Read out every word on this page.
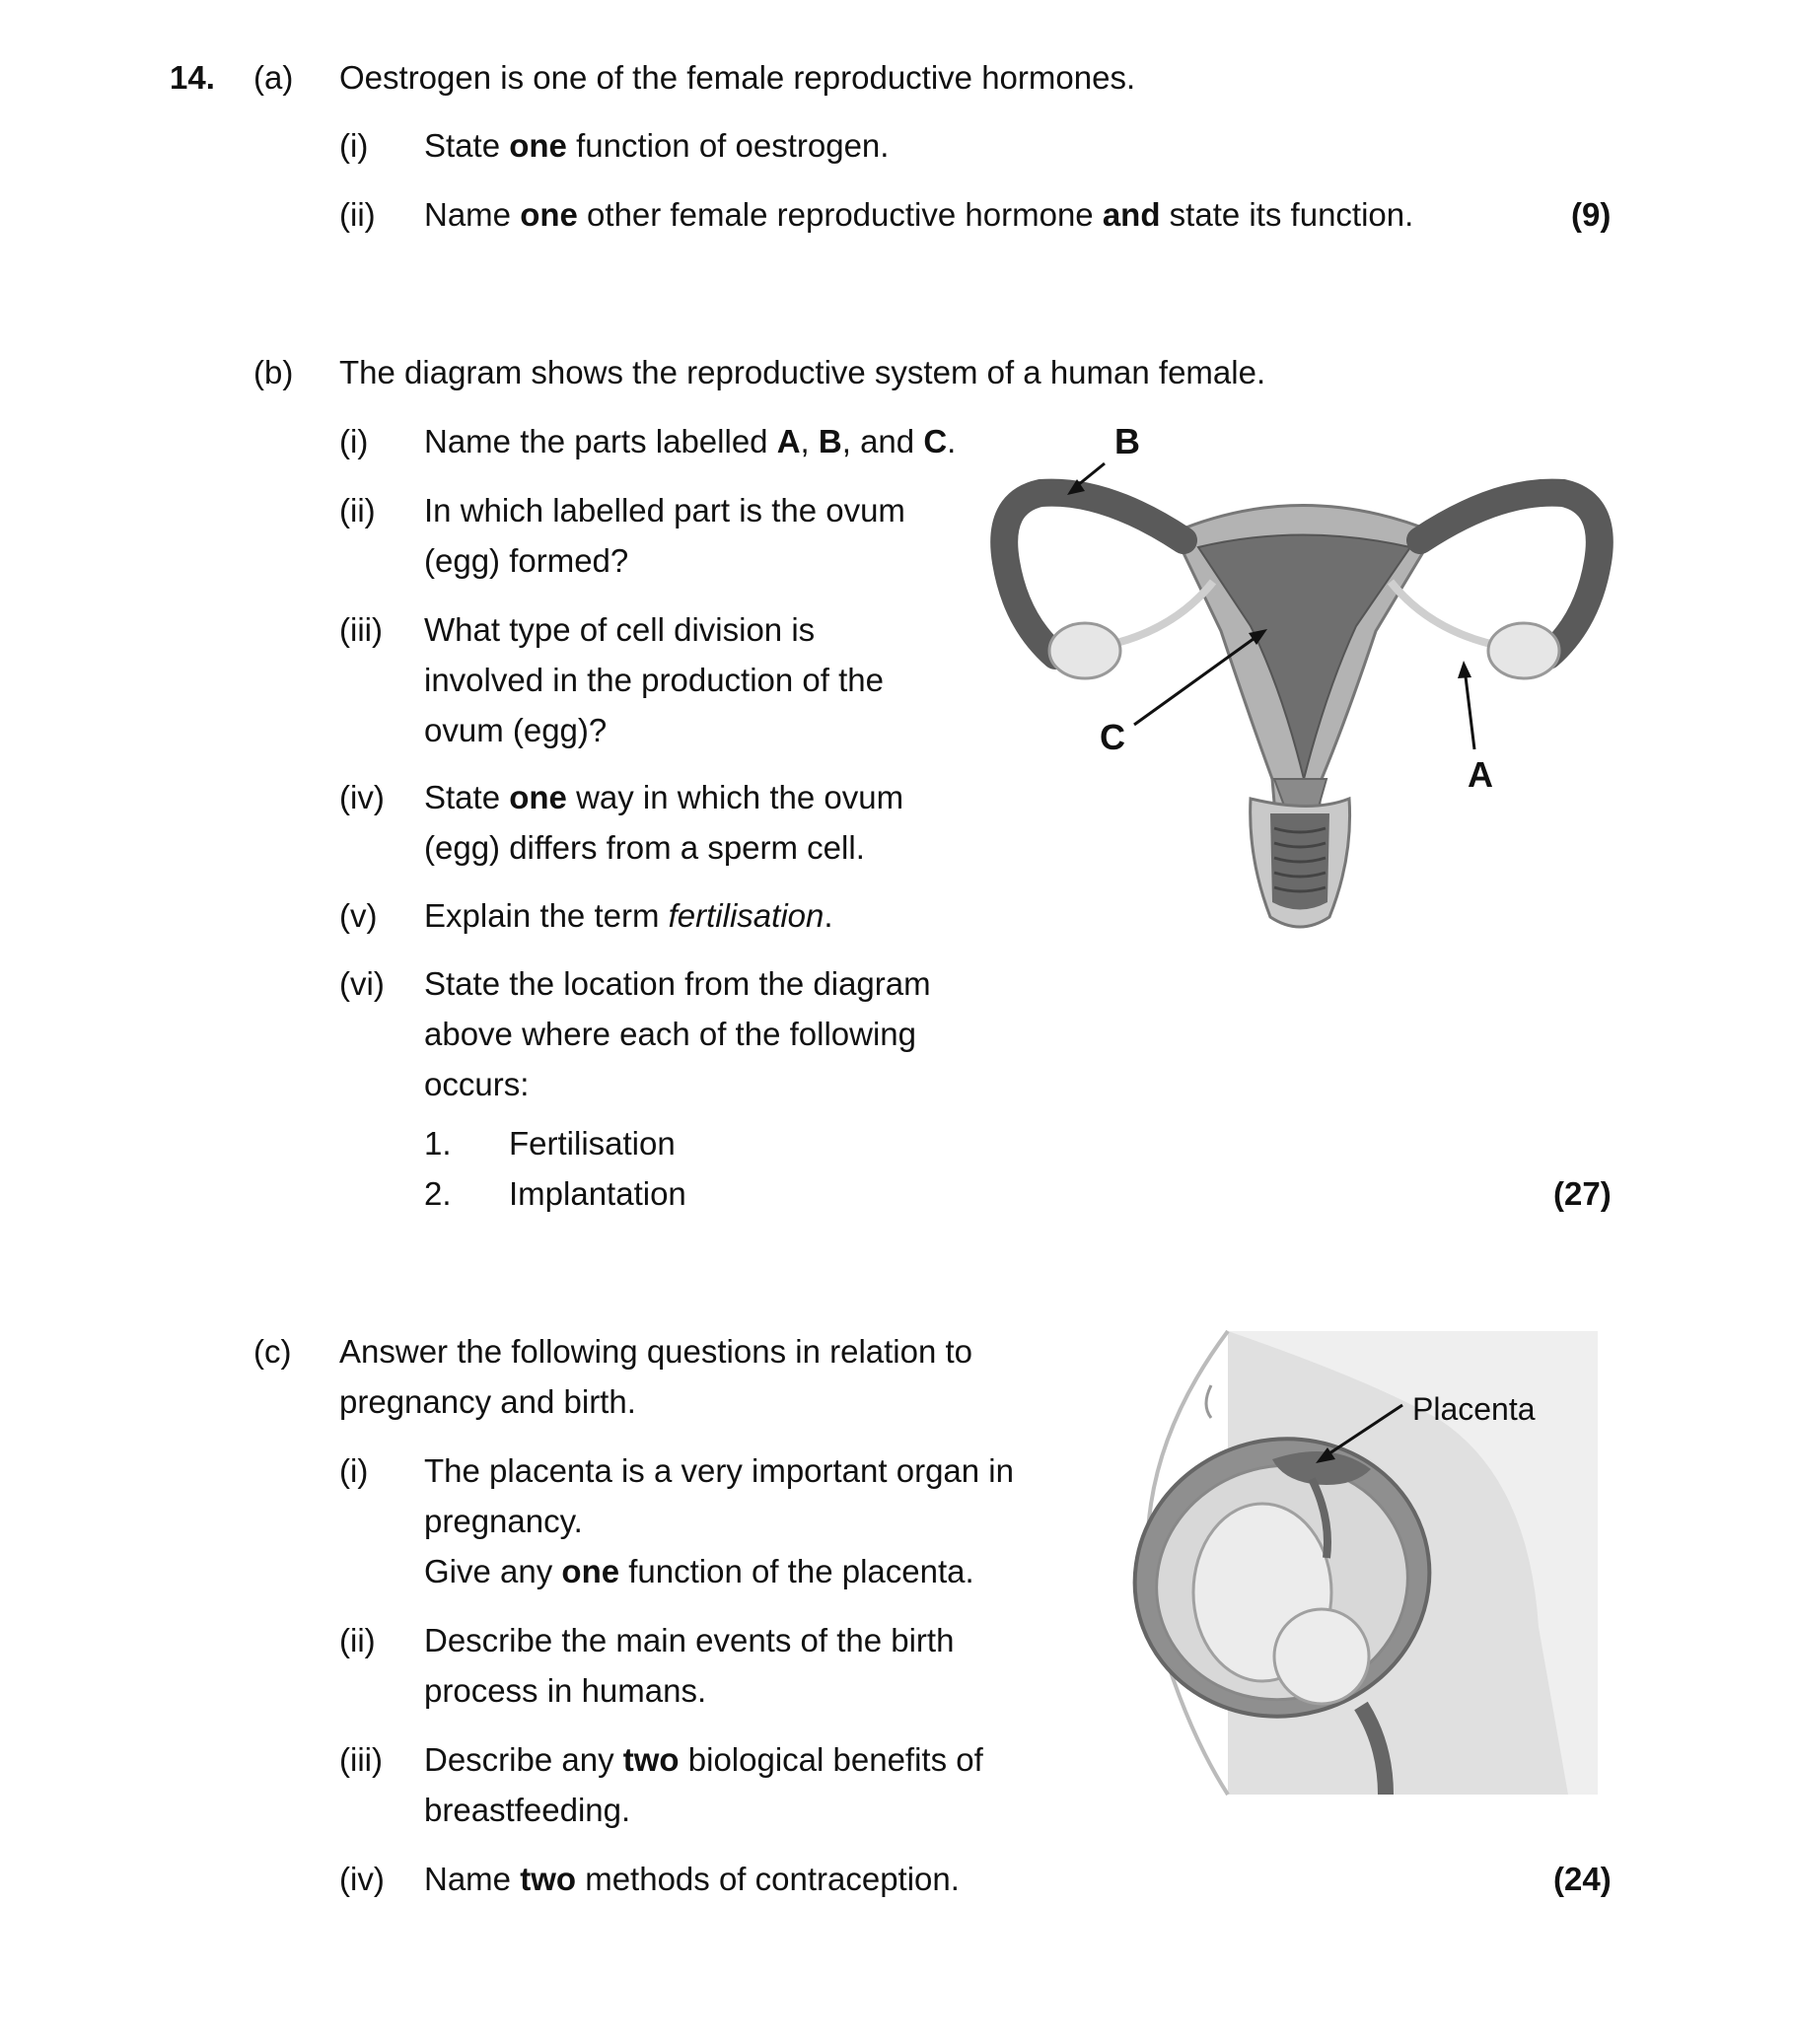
14. (a) Oestrogen is one of the female reproductive hormones.
(i) State one function of oestrogen.
(ii) Name one other female reproductive hormone and state its function.	(9)
(b) The diagram shows the reproductive system of a human female.
(i) Name the parts labelled A, B, and C.
(ii) In which labelled part is the ovum
(egg) formed?
(iii) What type of cell division is
involved in the production of the
ovum (egg)?
(iv) State one way in which the ovum
(egg) differs from a sperm cell.
(v) Explain the term fertilisation.
(vi) State the location from the diagram
above where each of the following
occurs:
1. Fertilisation
2. Implantation	(27)
B
C
A
(c) Answer the following questions in relation to
pregnancy and birth.
(i) The placenta is a very important organ in
pregnancy.
Give any one function of the placenta.
(ii) Describe the main events of the birth
process in humans.
(iii) Describe any two biological benefits of
breastfeeding.
(iv) Name two methods of contraception.	(24)
Placenta
